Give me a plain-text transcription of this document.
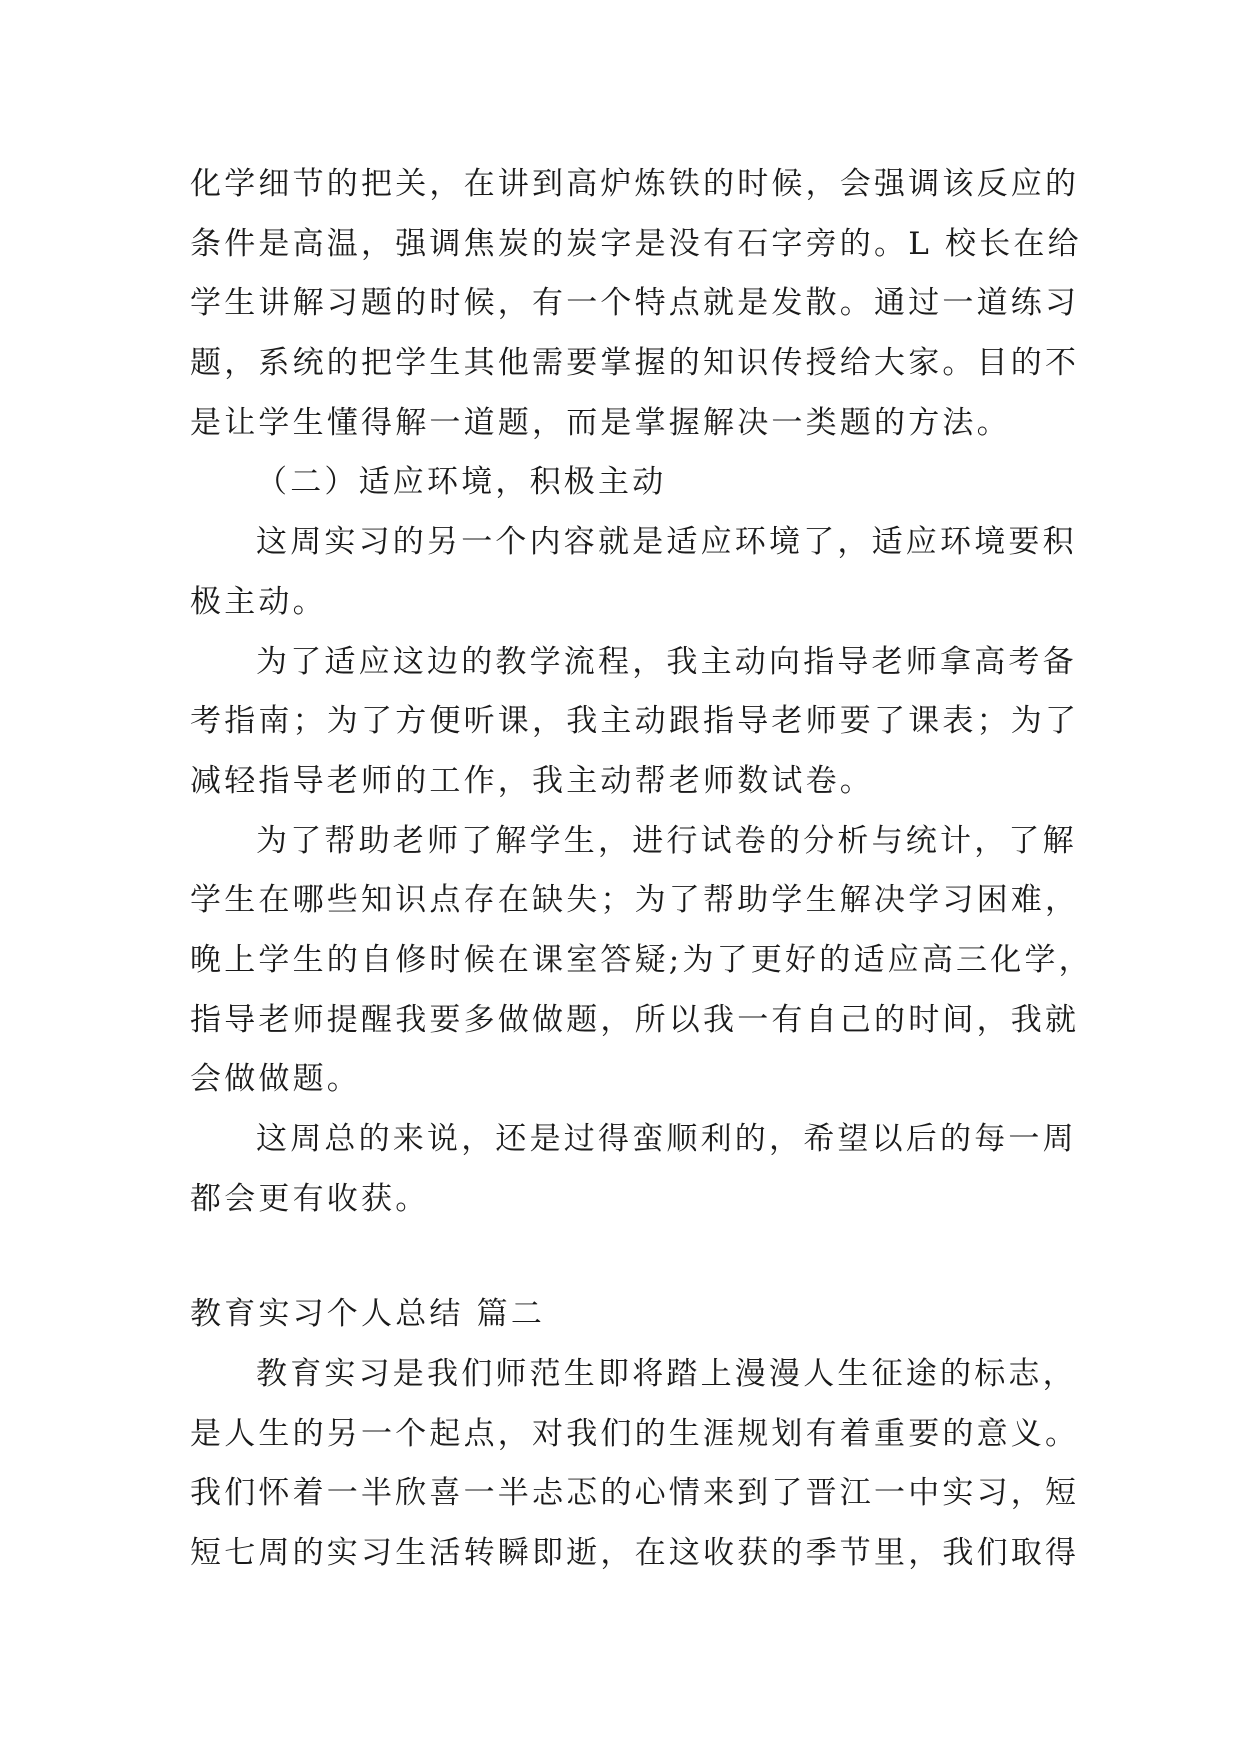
化学细节的把关，在讲到高炉炼铁的时候，会强调该反应的
条件是高温，强调焦炭的炭字是没有石字旁的。L 校长在给
学生讲解习题的时候，有一个特点就是发散。通过一道练习
题，系统的把学生其他需要掌握的知识传授给大家。目的不
是让学生懂得解一道题，而是掌握解决一类题的方法。
（二）适应环境，积极主动
这周实习的另一个内容就是适应环境了，适应环境要积
极主动。
为了适应这边的教学流程，我主动向指导老师拿高考备
考指南；为了方便听课，我主动跟指导老师要了课表；为了
减轻指导老师的工作，我主动帮老师数试卷。
为了帮助老师了解学生，进行试卷的分析与统计，了解
学生在哪些知识点存在缺失；为了帮助学生解决学习困难，
晚上学生的自修时候在课室答疑;为了更好的适应高三化学，
指导老师提醒我要多做做题，所以我一有自己的时间，我就
会做做题。
这周总的来说，还是过得蛮顺利的，希望以后的每一周
都会更有收获。
教育实习个人总结 篇二
教育实习是我们师范生即将踏上漫漫人生征途的标志，
是人生的另一个起点，对我们的生涯规划有着重要的意义。
我们怀着一半欣喜一半忐忑的心情来到了晋江一中实习，短
短七周的实习生活转瞬即逝，在这收获的季节里，我们取得
